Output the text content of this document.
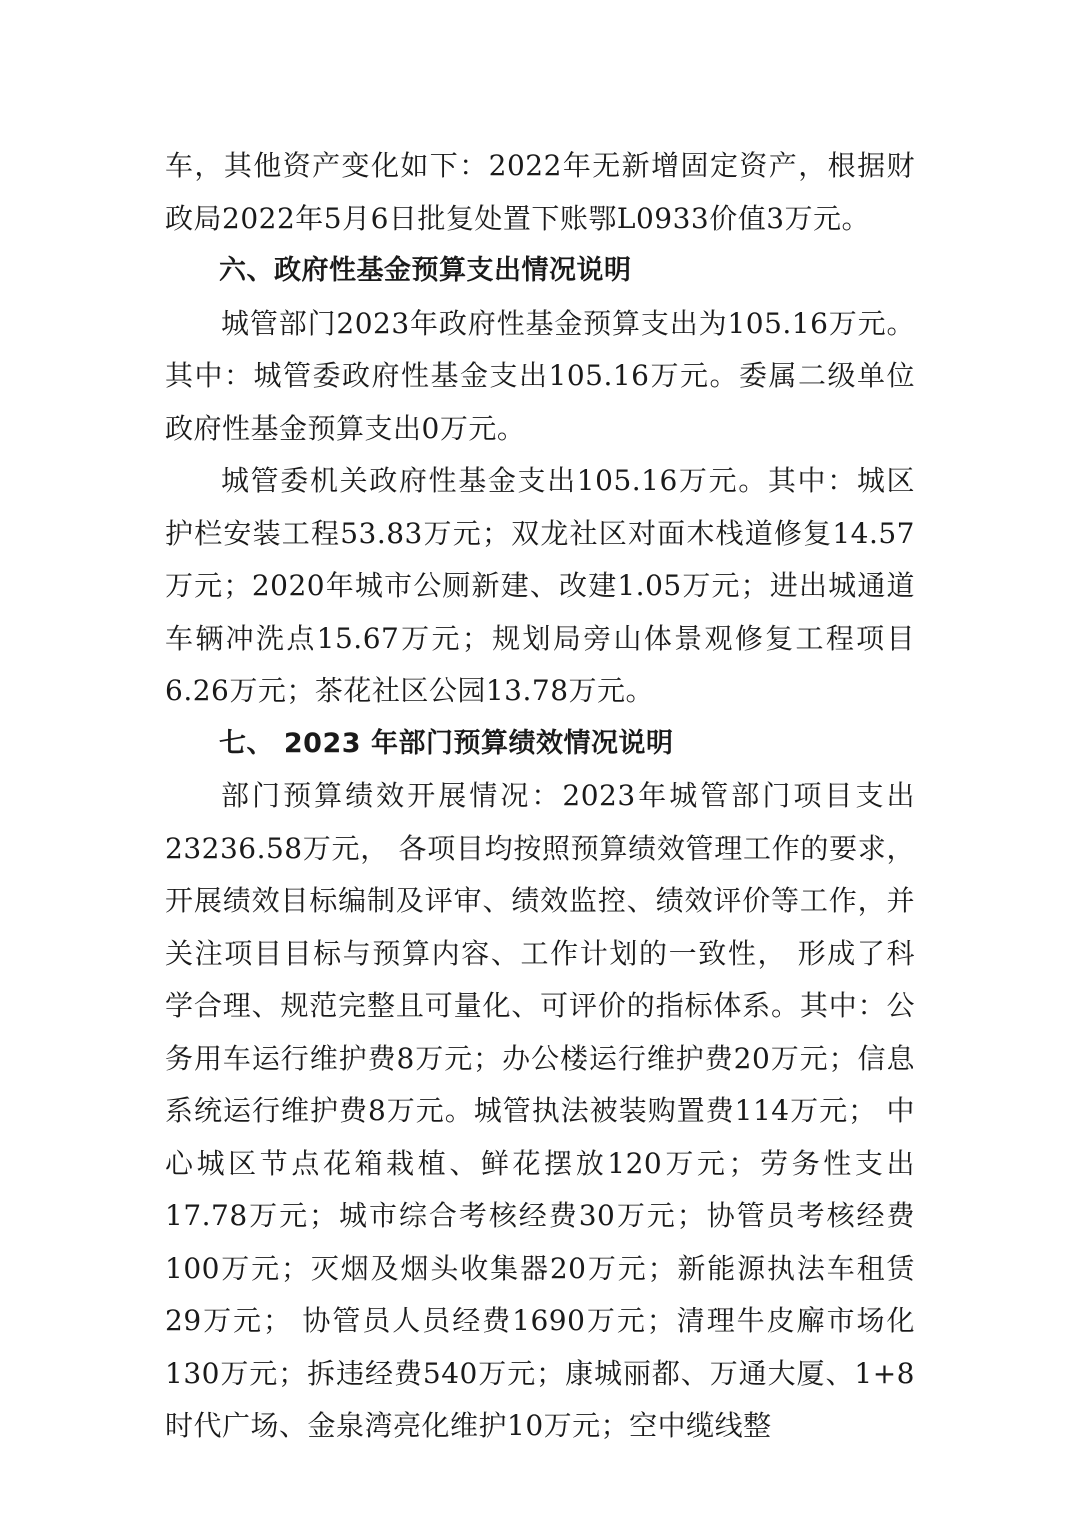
车，其他资产变化如下：2022年无新增固定资产，根据财政局2022年5月6日批复处置下账鄂L0933价值3万元。

六、政府性基金预算支出情况说明

城管部门2023年政府性基金预算支出为105.16万元。其中：城管委政府性基金支出105.16万元。委属二级单位政府性基金预算支出0万元。

城管委机关政府性基金支出105.16万元。其中：城区护栏安装工程53.83万元；双龙社区对面木栈道修复14.57万元；2020年城市公厕新建、改建1.05万元；进出城通道车辆冲洗点15.67万元；规划局旁山体景观修复工程项目6.26万元；茶花社区公园13.78万元。

七、 2023 年部门预算绩效情况说明

部门预算绩效开展情况：2023年城管部门项目支出23236.58万元， 各项目均按照预算绩效管理工作的要求，开展绩效目标编制及评审、绩效监控、绩效评价等工作，并关注项目目标与预算内容、工作计划的一致性， 形成了科学合理、规范完整且可量化、可评价的指标体系。其中：公务用车运行维护费8万元；办公楼运行维护费20万元；信息系统运行维护费8万元。城管执法被装购置费114万元； 中心城区节点花箱栽植、鲜花摆放120万元；劳务性支出17.78万元；城市综合考核经费30万元；协管员考核经费100万元；灭烟及烟头收集器20万元；新能源执法车租赁29万元； 协管员人员经费1690万元；清理牛皮廨市场化130万元；拆违经费540万元；康城丽都、万通大厦、1+8 时代广场、金泉湾亮化维护10万元；空中缆线整
